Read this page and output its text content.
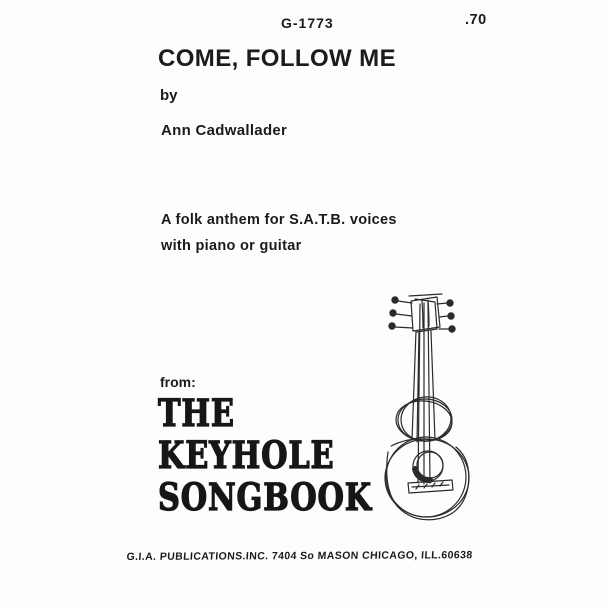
G-1773	.70
COME, FOLLOW ME
by
Ann Cadwallader
A folk anthem for S.A.T.B. voices
with piano or guitar
from:
THE
KEYHOLE
SONGBOOK
G.I.A. PUBLICATIONS.INC. 7404 So MASON CHICAGO, ILL.60638
